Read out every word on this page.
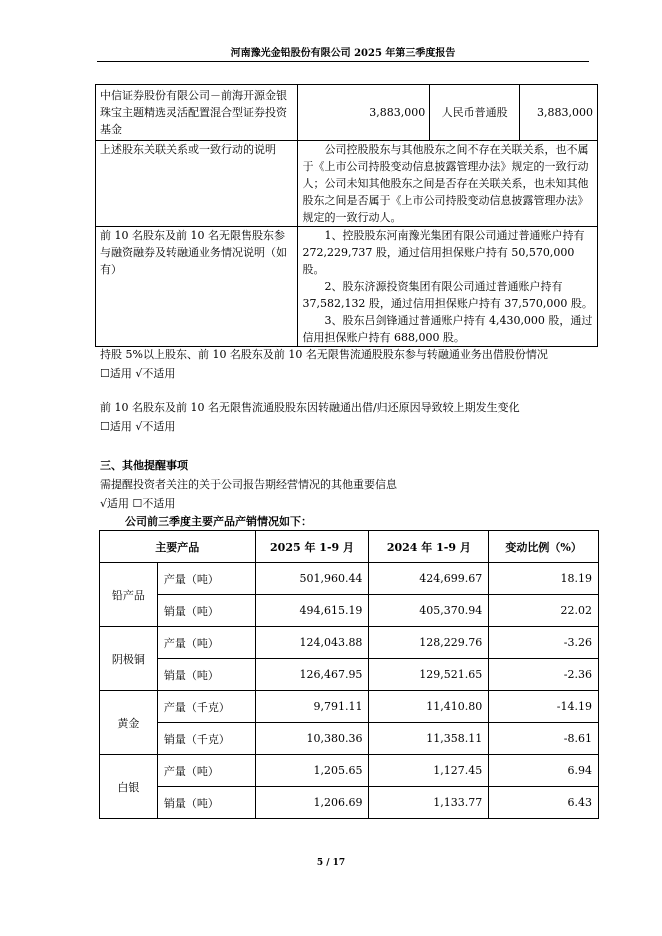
河南豫光金铅股份有限公司 2025 年第三季度报告
中信证券股份有限公司－前海开源金银珠宝主题精选灵活配置混合型证券投资基金	3,883,000	人民币普通股	3,883,000
上述股东关联关系或一致行动的说明	公司控股股东与其他股东之间不存在关联关系，也不属于《上市公司持股变动信息披露管理办法》规定的一致行动人；公司未知其他股东之间是否存在关联关系，也未知其他股东之间是否属于《上市公司持股变动信息披露管理办法》规定的一致行动人。		
前 10 名股东及前 10 名无限售股东参与融资融券及转融通业务情况说明（如有）	1、控股股东河南豫光集团有限公司通过普通账户持有 272,229,737 股，通过信用担保账户持有 50,570,000 股。
2、股东济源投资集团有限公司通过普通账户持有 37,582,132 股，通过信用担保账户持有 37,570,000 股。
3、股东吕剑锋通过普通账户持有 4,430,000 股，通过信用担保账户持有 688,000 股。		
持股 5%以上股东、前 10 名股东及前 10 名无限售流通股股东参与转融通业务出借股份情况
☐适用 √不适用
前 10 名股东及前 10 名无限售流通股股东因转融通出借/归还原因导致较上期发生变化
☐适用 √不适用
三、其他提醒事项
需提醒投资者关注的关于公司报告期经营情况的其他重要信息
√适用 ☐不适用
公司前三季度主要产品产销情况如下：
主要产品		2025 年 1-9 月	2024 年 1-9 月	变动比例（%）
铅产品	产量（吨）	501,960.44	424,699.67	18.19
	销量（吨）	494,615.19	405,370.94	22.02
阴极铜	产量（吨）	124,043.88	128,229.76	-3.26
	销量（吨）	126,467.95	129,521.65	-2.36
黄金	产量（千克）	9,791.11	11,410.80	-14.19
	销量（千克）	10,380.36	11,358.11	-8.61
白银	产量（吨）	1,205.65	1,127.45	6.94
	销量（吨）	1,206.69	1,133.77	6.43
5 / 17
